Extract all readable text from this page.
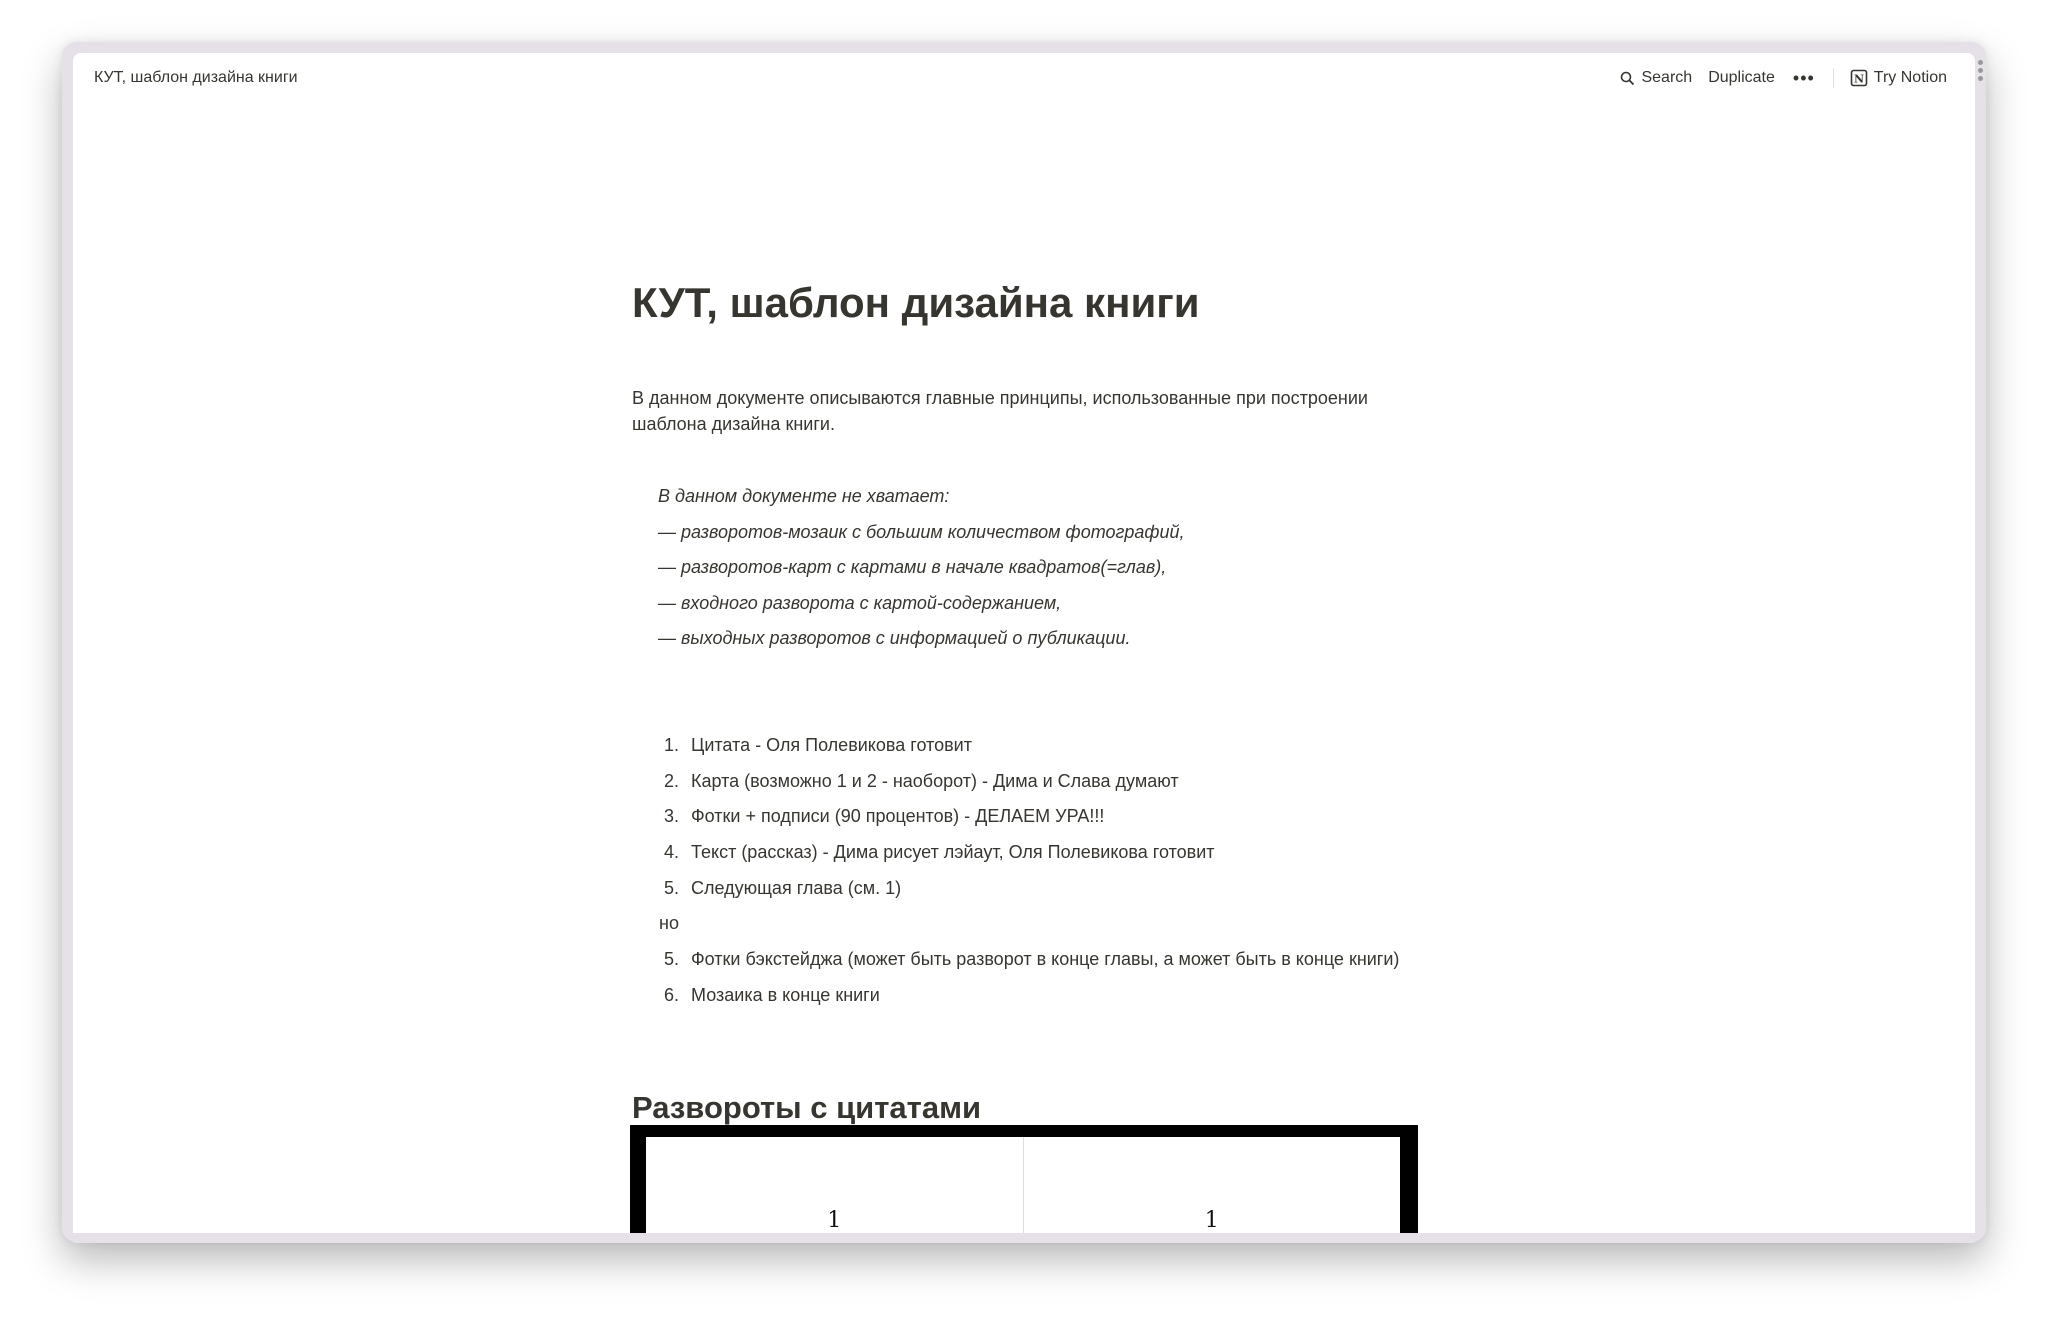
КУТ, шаблон дизайна книги	Search	Duplicate	•••	N Try Notion
КУТ, шаблон дизайна книги

В данном документе описываются главные принципы, использованные при построении шаблона дизайна книги.

В данном документе не хватает:
— разворотов-мозаик с большим количеством фотографий,
— разворотов-карт с картами в начале квадратов(=глав),
— входного разворота с картой-содержанием,
— выходных разворотов с информацией о публикации.
1. Цитата - Оля Полевикова готовит
2. Карта (возможно 1 и 2 - наоборот) - Дима и Слава думают
3. Фотки + подписи (90 процентов) - ДЕЛАЕМ УРА!!!
4. Текст (рассказ) - Дима рисует лэйаут, Оля Полевикова готовит
5. Следующая глава (см. 1)
но
5. Фотки бэкстейджа (может быть разворот в конце главы, а может быть в конце книги)
6. Мозаика в конце книги
Развороты с цитатами
1	1
